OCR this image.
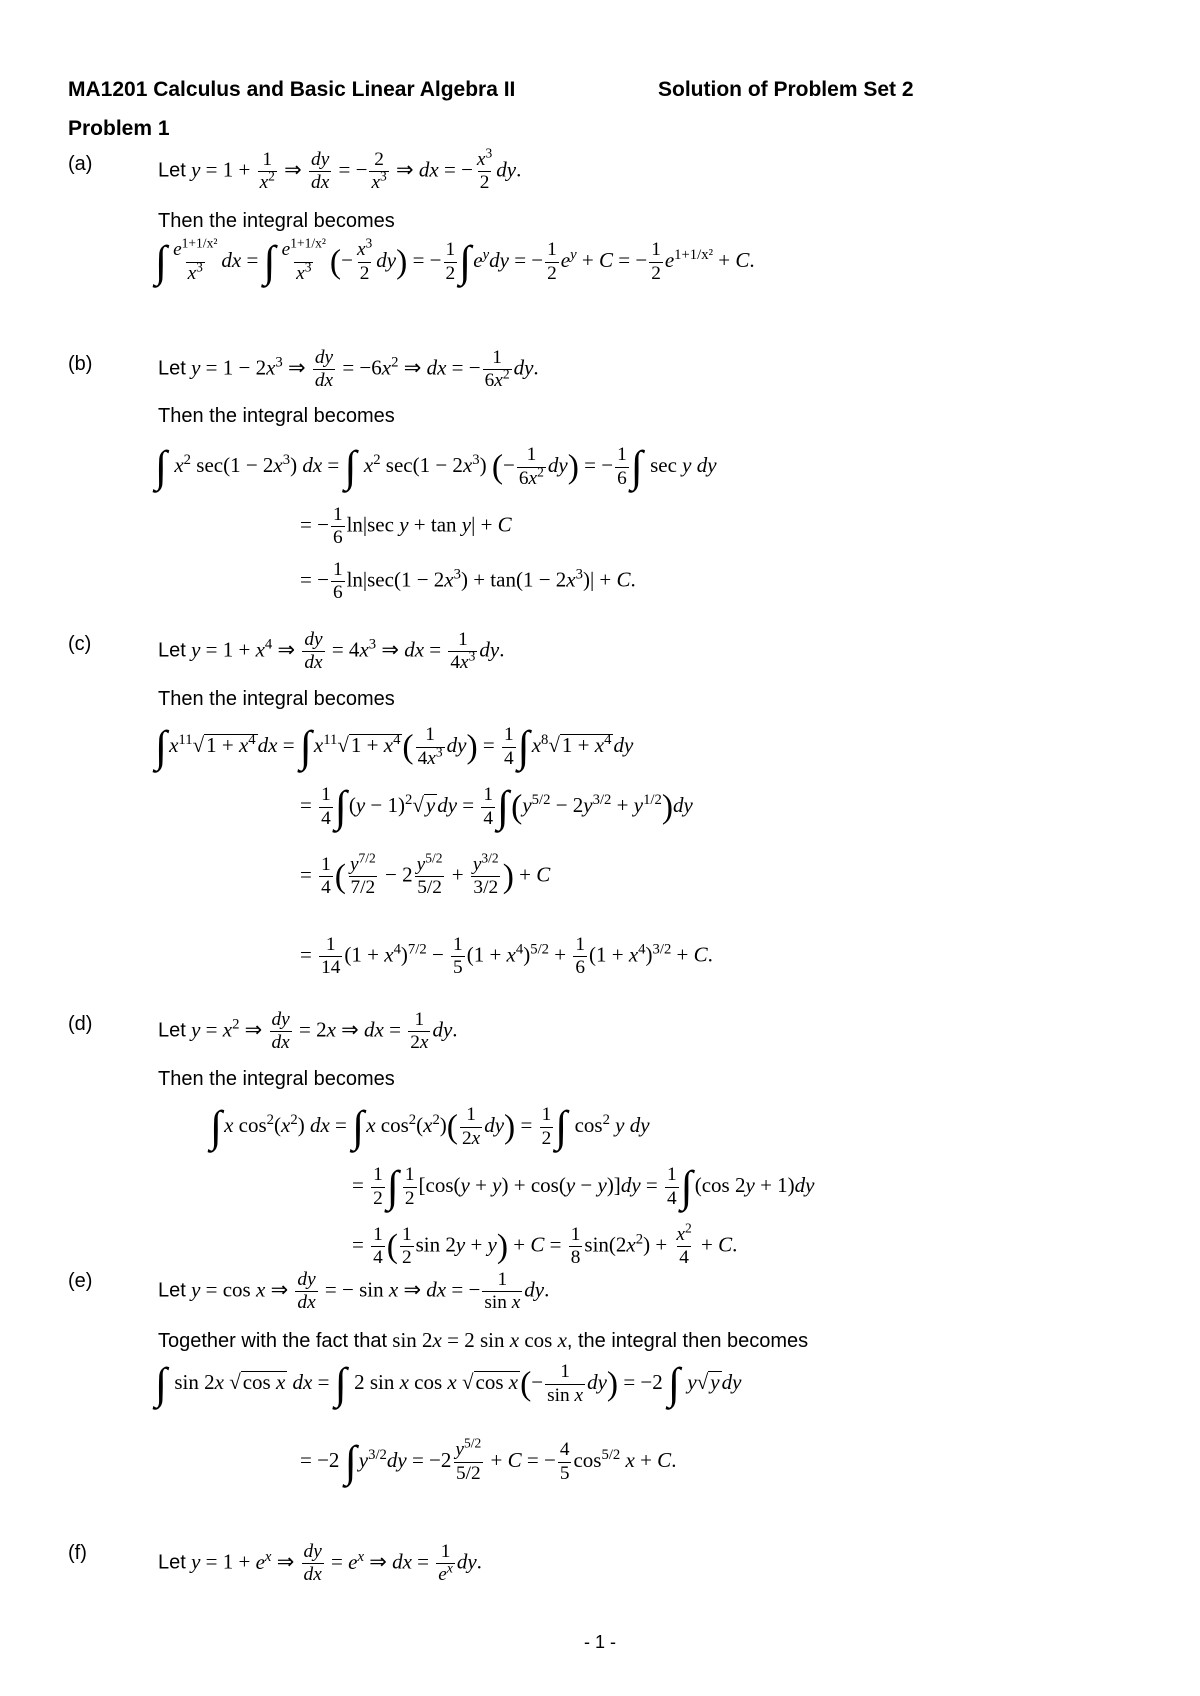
MA1201 Calculus and Basic Linear Algebra II	Solution of Problem Set 2
Problem 1
(a)	Let $y = 1 + \frac{1}{x^2}$ ⇒ $\frac{dy}{dx}$ = − $\frac{2}{x^3}$ ⇒ dx = − $\frac{x^3}{2}$ dy.
Then the integral becomes
∫ $\frac{e^{1+1/x^2}}{x^3}$ dx = ∫ $\frac{e^{1+1/x^2}}{x^3}$ (− $\frac{x^3}{2} dy$) = − $\frac{1}{2} \int e^ydy$ = − $\frac{1}{2} e^y + C$ = − $\frac{1}{2} e^{1+1/x^2} + C$.
(b)	Let $y = 1 - 2x^3$ ⇒ $\frac{dy}{dx} = -6x^2$ ⇒ dx = − $\frac{1}{6x^2}$ dy.
Then the integral becomes
∫ $x^2$ $\sec(1 - 2x^3)$ dx = ∫ $x^2$ $\sec(1 - 2x^3)$ (− $\frac{1}{6x^2} dy$) = − $\frac{1}{6}$ ∫ sec y dy
= − $\frac{1}{6} \ln|\sec$ y + tan y| + C
= − $\frac{1}{6} \ln|\sec(1 - 2x^3) + \tan(1 - 2x^3)| + C$.
(c)	Let $y = 1 + x^4$ ⇒ $\frac{dy}{dx} = 4x^3$ ⇒ dx = $\frac{1}{4x^3}$ dy.
Then the integral becomes
$\int x^{11}√1 + x^4dx = \int x^{11}√1 + x^4( \frac{1}{4x^3} dy) = \frac{1}{4} \int x^8√1 + x^4dy$
= $\frac{1}{4} \int(y - 1)^2√ydy = \frac{1}{4} \int(y^{5/2} - 2y^{3/2} + y^{1/2})dy$
= $\frac{1}{4}$ ( $\frac{y^{7/2}}{7/2} - 2 \frac{y^{5/2}}{5/2} + \frac{y^{3/2}}{3/2}$ ) + C
= $\frac{1}{14} (1 + x^4)^{7/2} - \frac{1}{5} (1 + x^4)^{5/2} + \frac{1}{6} (1 + x^4)^{3/2} + C$.
(d)	Let $y = x^2$ ⇒ $\frac{dy}{dx} = 2x$ ⇒ dx = $\frac{1}{2x}$ dy.
Then the integral becomes
∫x $\cos^2(x^2)$ dx = ∫x $\cos^2(x^2)( \frac{1}{2x} dy) = \frac{1}{2}$ ∫ $\cos^2 y$ dy
= $\frac{1}{2}$ ∫ $\frac{1}{2} [\cos(y + y) + \cos(y - y)]dy = \frac{1}{4} \int(\cos$ 2y + 1)dy
= $\frac{1}{4}$ ( $\frac{1}{2}$ $\sin 2y + y) + C = \frac{1}{8} \sin(2x^2) + \frac{x^2}{4} + C$.
(e)	Let y = cos x ⇒ $\frac{dy}{dx}$ = − sin x ⇒ dx = − $\frac{1}{\text{sin x}}$ dy.
Together with the fact that sin 2x = 2 sin x cos x, the integral then becomes
∫ sin 2x √cos x dx = ∫ 2 sin x cos x √cos $x(- \frac{1}{\text{sin x}} dy) = -2$ ∫ y√ydy
= −2 $\int y^{3/2}dy = -2 \frac{y^{5/2}}{5/2} + C$ = − $\frac{4}{5} \cos^{5/2} x + C$.
(f)	Let $y = 1 + e^x$ ⇒ $\frac{dy}{dx} = e^x$ ⇒ dx = $\frac{1}{e^x}$ dy.
- 1 -
